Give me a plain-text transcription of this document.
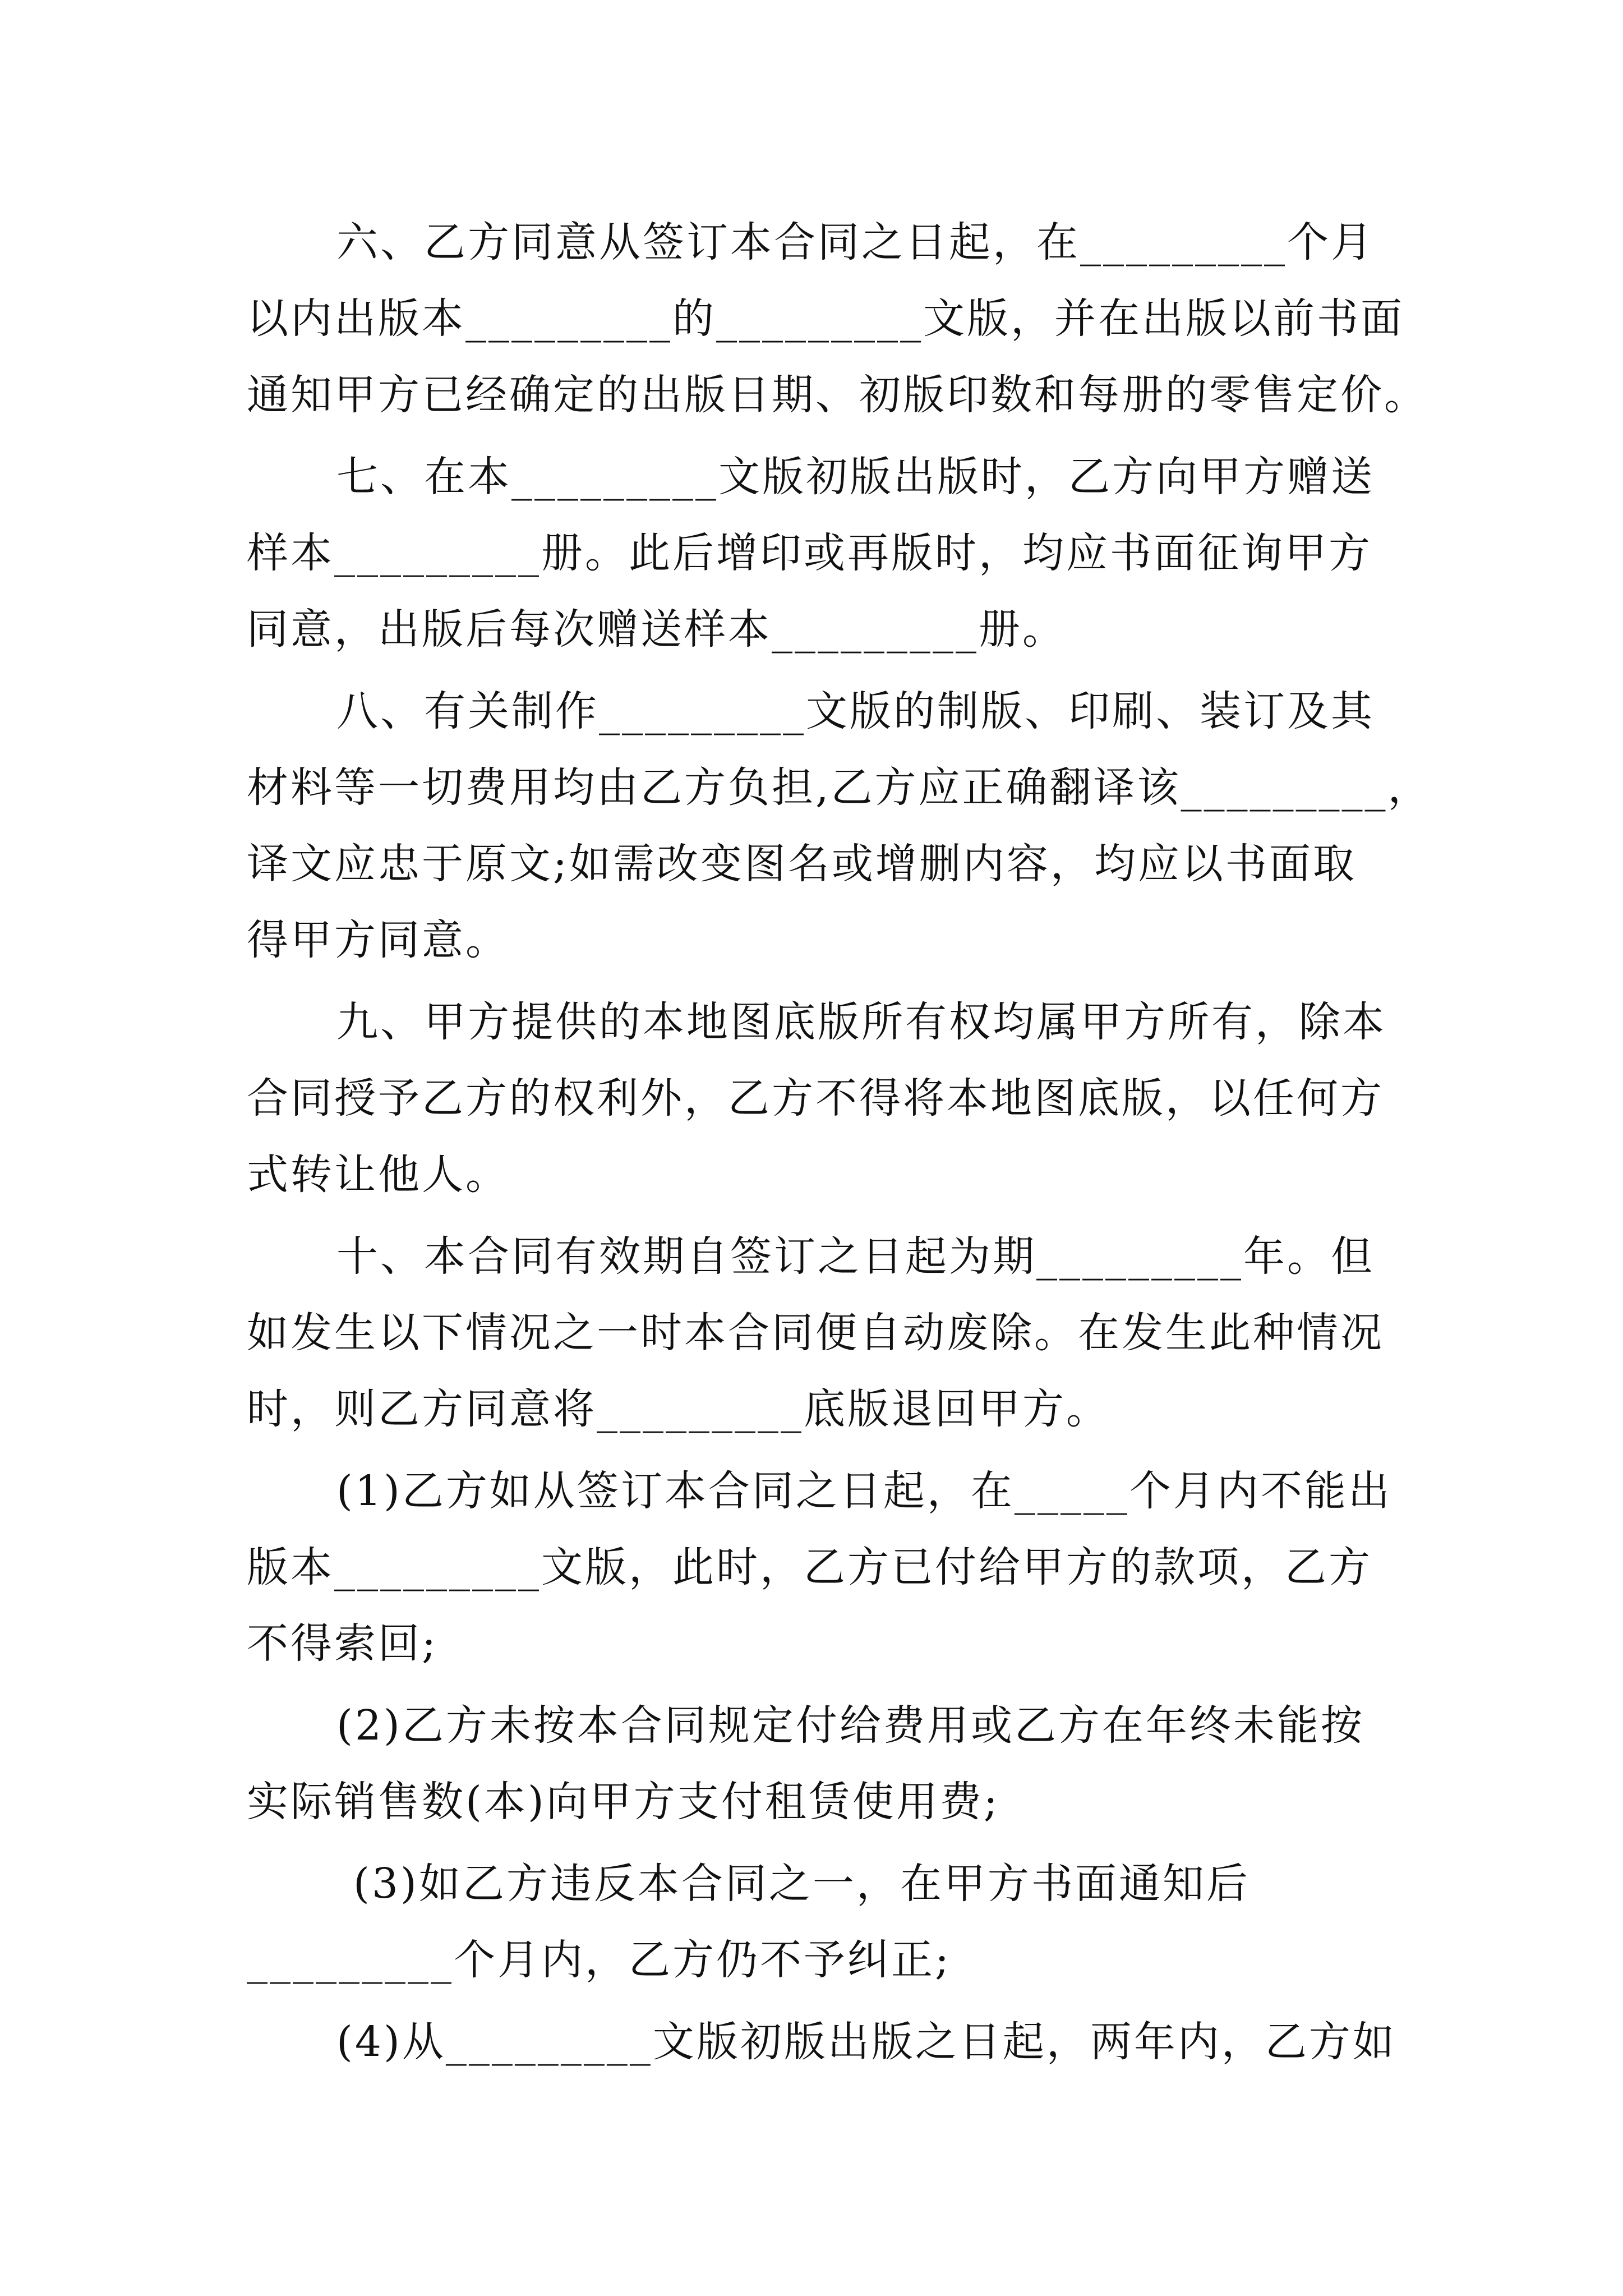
六、乙方同意从签订本合同之日起，在_________个月
以内出版本_________的_________文版，并在出版以前书面
通知甲方已经确定的出版日期、初版印数和每册的零售定价。
七、在本_________文版初版出版时，乙方向甲方赠送
样本_________册。此后增印或再版时，均应书面征询甲方
同意，出版后每次赠送样本_________册。
八、有关制作_________文版的制版、印刷、装订及其
材料等一切费用均由乙方负担,乙方应正确翻译该_________，
译文应忠于原文;如需改变图名或增删内容，均应以书面取
得甲方同意。
九、甲方提供的本地图底版所有权均属甲方所有，除本
合同授予乙方的权利外，乙方不得将本地图底版，以任何方
式转让他人。
十、本合同有效期自签订之日起为期_________年。但
如发生以下情况之一时本合同便自动废除。在发生此种情况
时，则乙方同意将_________底版退回甲方。
(1)乙方如从签订本合同之日起，在_____个月内不能出
版本_________文版，此时，乙方已付给甲方的款项，乙方
不得索回;
(2)乙方未按本合同规定付给费用或乙方在年终未能按
实际销售数(本)向甲方支付租赁使用费;
(3)如乙方违反本合同之一，在甲方书面通知后
_________个月内，乙方仍不予纠正;
(4)从_________文版初版出版之日起，两年内，乙方如
